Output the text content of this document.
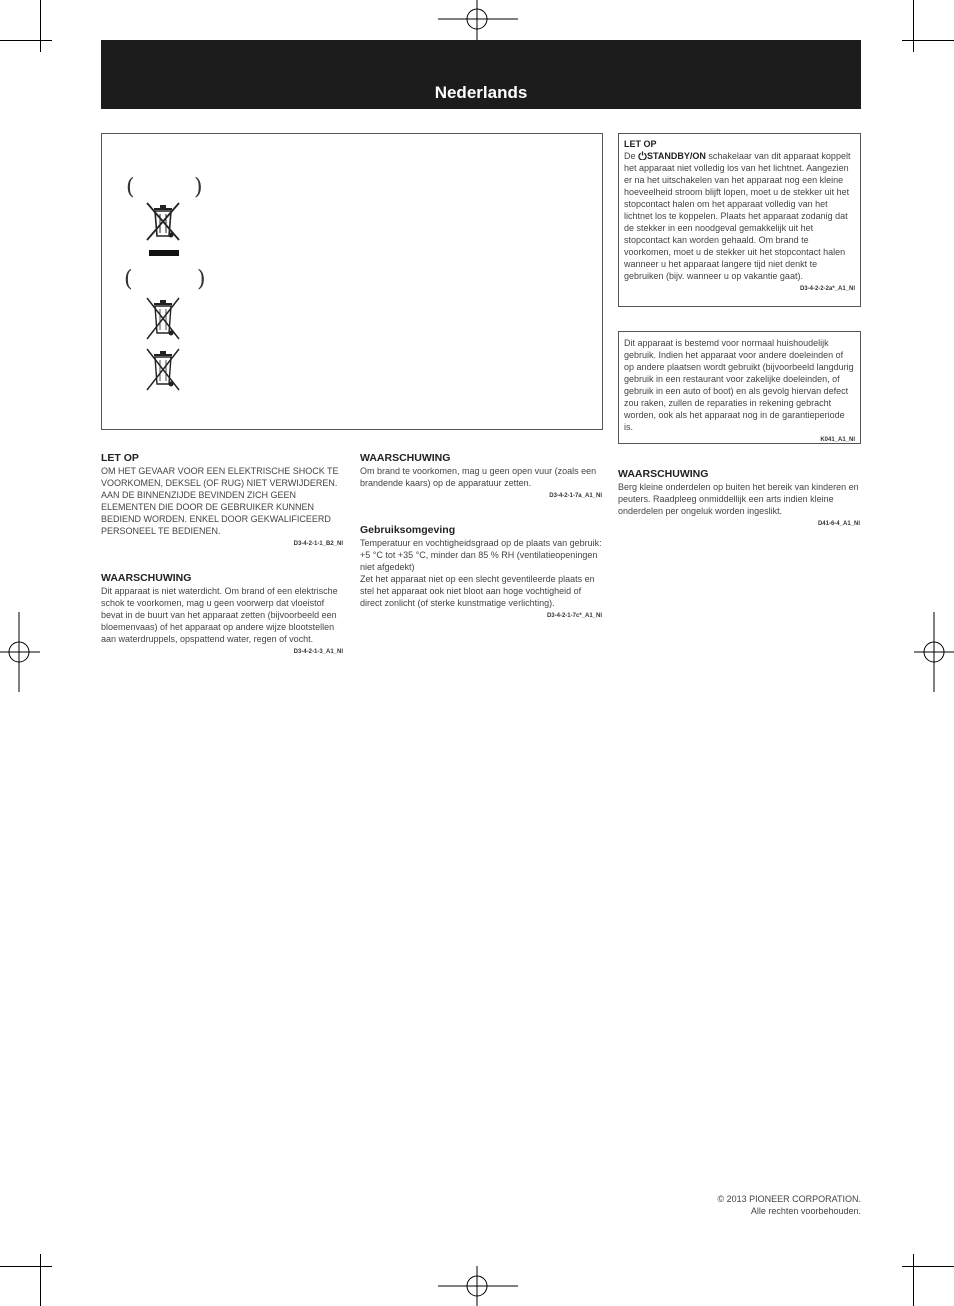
Nederlands
(	)
(	)
LET OP
De STANDBY/ON schakelaar van dit apparaat koppelt het apparaat niet volledig los van het lichtnet. Aangezien er na het uitschakelen van het apparaat nog een kleine hoeveelheid stroom blijft lopen, moet u de stekker uit het stopcontact halen om het apparaat volledig van het lichtnet los te koppelen. Plaats het apparaat zodanig dat de stekker in een noodgeval gemakkelijk uit het stopcontact kan worden gehaald. Om brand te voorkomen, moet u de stekker uit het stopcontact halen wanneer u het apparaat langere tijd niet denkt te gebruiken (bijv. wanneer u op vakantie gaat).
D3-4-2-2-2a*_A1_Nl
Dit apparaat is bestemd voor normaal huishoudelijk gebruik. Indien het apparaat voor andere doeleinden of op andere plaatsen wordt gebruikt (bijvoorbeeld langdurig gebruik in een restaurant voor zakelijke doeleinden, of gebruik in een auto of boot) en als gevolg hiervan defect zou raken, zullen de reparaties in rekening gebracht worden, ook als het apparaat nog in de garantieperiode is.
K041_A1_Nl
LET OP
OM HET GEVAAR VOOR EEN ELEKTRISCHE SHOCK TE VOORKOMEN, DEKSEL (OF RUG) NIET VERWIJDEREN. AAN DE BINNENZIJDE BEVINDEN ZICH GEEN ELEMENTEN DIE DOOR DE GEBRUIKER KUNNEN BEDIEND WORDEN. ENKEL DOOR GEKWALIFICEERD PERSONEEL TE BEDIENEN.
D3-4-2-1-1_B2_Nl
WAARSCHUWING
Dit apparaat is niet waterdicht. Om brand of een elektrische schok te voorkomen, mag u geen voorwerp dat vloeistof bevat in de buurt van het apparaat zetten (bijvoorbeeld een bloemenvaas) of het apparaat op andere wijze blootstellen aan waterdruppels, opspattend water, regen of vocht.
D3-4-2-1-3_A1_Nl
WAARSCHUWING
Om brand te voorkomen, mag u geen open vuur (zoals een brandende kaars) op de apparatuur zetten.
D3-4-2-1-7a_A1_Nl
Gebruiksomgeving
Temperatuur en vochtigheidsgraad op de plaats van gebruik:
+5 °C tot +35 °C, minder dan 85 % RH (ventilatieopeningen niet afgedekt)
Zet het apparaat niet op een slecht geventileerde plaats en stel het apparaat ook niet bloot aan hoge vochtigheid of direct zonlicht (of sterke kunstmatige verlichting).
D3-4-2-1-7c*_A1_Nl
WAARSCHUWING
Berg kleine onderdelen op buiten het bereik van kinderen en peuters. Raadpleeg onmiddellijk een arts indien kleine onderdelen per ongeluk worden ingeslikt.
D41-6-4_A1_Nl
© 2013 PIONEER CORPORATION.
Alle rechten voorbehouden.
